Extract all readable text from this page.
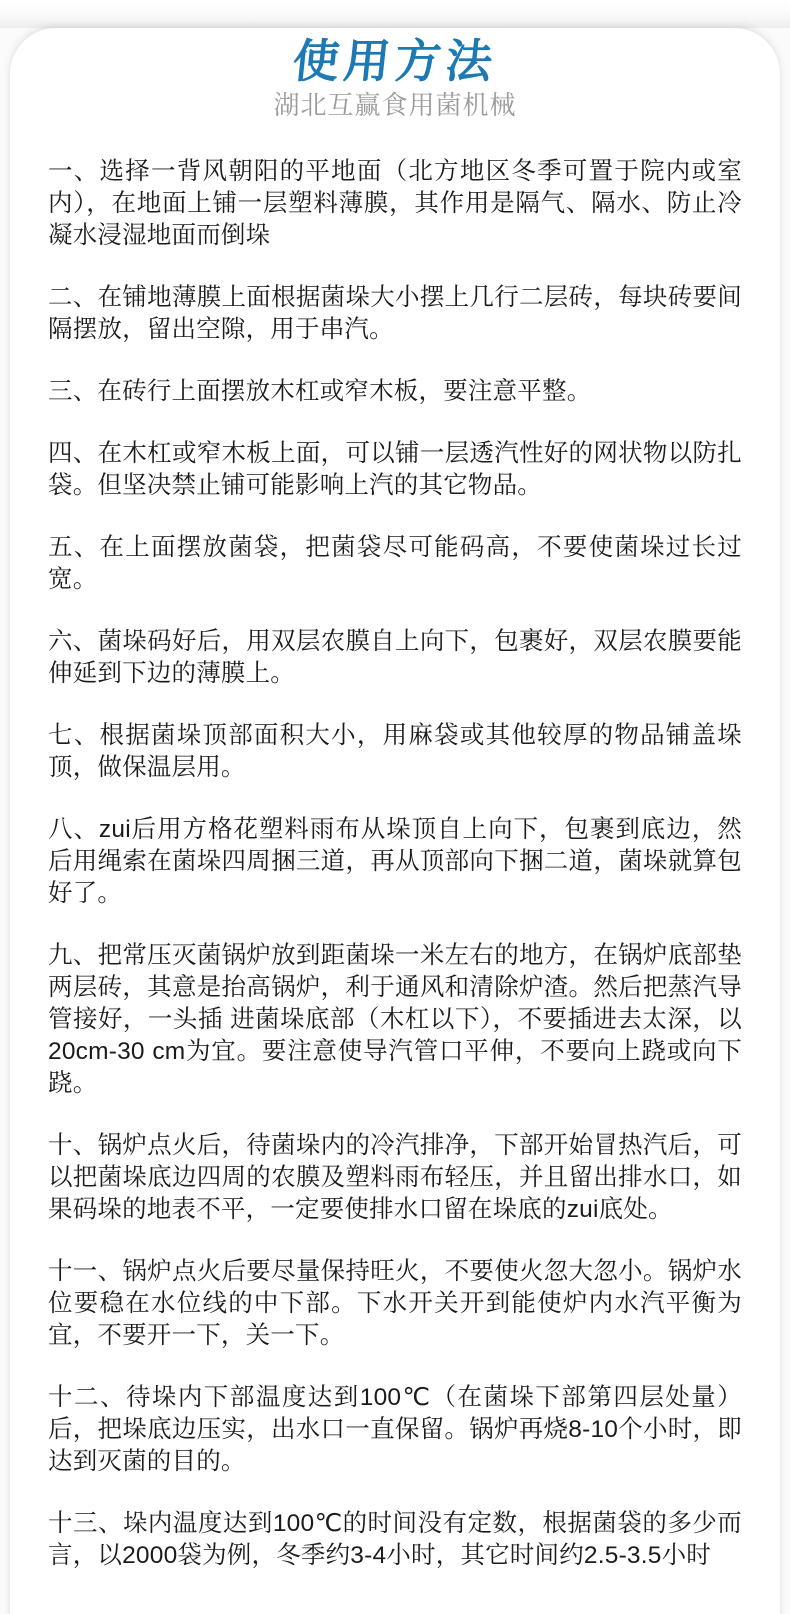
使用方法
湖北互赢食用菌机械

一、选择一背风朝阳的平地面（北方地区冬季可置于院内或室内），在地面上铺一层塑料薄膜，其作用是隔气、隔水、防止冷凝水浸湿地面而倒垛

二、在铺地薄膜上面根据菌垛大小摆上几行二层砖，每块砖要间隔摆放，留出空隙，用于串汽。

三、在砖行上面摆放木杠或窄木板，要注意平整。

四、在木杠或窄木板上面，可以铺一层透汽性好的网状物以防扎袋。但坚决禁止铺可能影响上汽的其它物品。

五、在上面摆放菌袋，把菌袋尽可能码高，不要使菌垛过长过宽。

六、菌垛码好后，用双层农膜自上向下，包裹好，双层农膜要能伸延到下边的薄膜上。

七、根据菌垛顶部面积大小，用麻袋或其他较厚的物品铺盖垛顶，做保温层用。

八、zui后用方格花塑料雨布从垛顶自上向下，包裹到底边，然后用绳索在菌垛四周捆三道，再从顶部向下捆二道，菌垛就算包好了。

九、把常压灭菌锅炉放到距菌垛一米左右的地方，在锅炉底部垫两层砖，其意是抬高锅炉，利于通风和清除炉渣。然后把蒸汽导管接好，一头插 进菌垛底部（木杠以下），不要插进去太深，以20cm-30 cm为宜。要注意使导汽管口平伸，不要向上跷或向下跷。

十、锅炉点火后，待菌垛内的冷汽排净，下部开始冒热汽后，可以把菌垛底边四周的农膜及塑料雨布轻压，并且留出排水口，如果码垛的地表不平，一定要使排水口留在垛底的zui底处。

十一、锅炉点火后要尽量保持旺火，不要使火忽大忽小。锅炉水位要稳在水位线的中下部。下水开关开到能使炉内水汽平衡为宜，不要开一下，关一下。

十二、待垛内下部温度达到100℃（在菌垛下部第四层处量）后，把垛底边压实，出水口一直保留。锅炉再烧8-10个小时，即达到灭菌的目的。

十三、垛内温度达到100℃的时间没有定数，根据菌袋的多少而言，以2000袋为例，冬季约3-4小时，其它时间约2.5-3.5小时
